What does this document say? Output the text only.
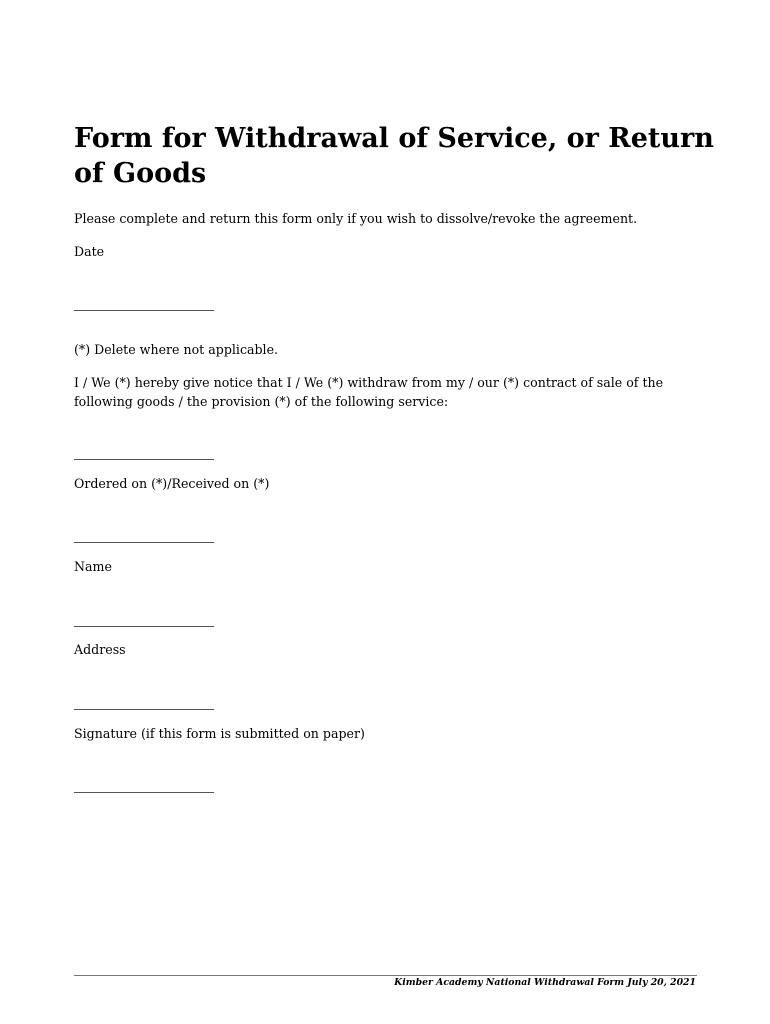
Form for Withdrawal of Service, or Return of Goods

Please complete and return this form only if you wish to dissolve/revoke the agreement.

Date

(*) Delete where not applicable.

I / We (*) hereby give notice that I / We (*) withdraw from my / our (*) contract of sale of the following goods / the provision (*) of the following service:

Ordered on (*)/Received on (*)

Name

Address

Signature (if this form is submitted on paper)

Kimber Academy National Withdrawal Form July 20, 2021
